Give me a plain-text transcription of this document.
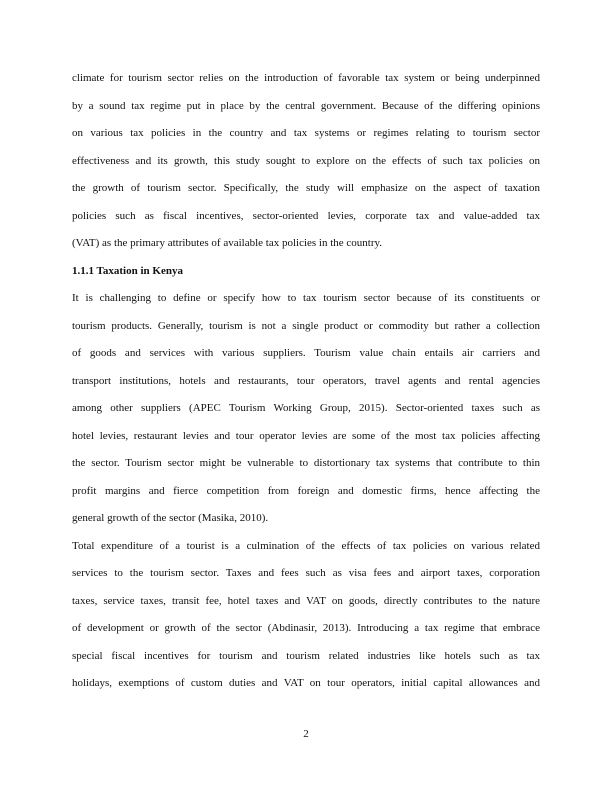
climate for tourism sector relies on the introduction of favorable tax system or being underpinned
by a sound tax regime put in place by the central government. Because of the differing opinions
on various tax policies in the country and tax systems or regimes relating to tourism sector
effectiveness and its growth, this study sought to explore on the effects of such tax policies on
the growth of tourism sector. Specifically, the study will emphasize on the aspect of taxation
policies such as fiscal incentives, sector-oriented levies, corporate tax and value-added tax
(VAT) as the primary attributes of available tax policies in the country.
1.1.1 Taxation in Kenya
It is challenging to define or specify how to tax tourism sector because of its constituents or
tourism products. Generally, tourism is not a single product or commodity but rather a collection
of goods and services with various suppliers. Tourism value chain entails air carriers and
transport institutions, hotels and restaurants, tour operators, travel agents and rental agencies
among other suppliers (APEC Tourism Working Group, 2015). Sector-oriented taxes such as
hotel levies, restaurant levies and tour operator levies are some of the most tax policies affecting
the sector. Tourism sector might be vulnerable to distortionary tax systems that contribute to thin
profit margins and fierce competition from foreign and domestic firms, hence affecting the
general growth of the sector (Masika, 2010).
Total expenditure of a tourist is a culmination of the effects of tax policies on various related
services to the tourism sector. Taxes and fees such as visa fees and airport taxes, corporation
taxes, service taxes, transit fee, hotel taxes and VAT on goods, directly contributes to the nature
of development or growth of the sector (Abdinasir, 2013). Introducing a tax regime that embrace
special fiscal incentives for tourism and tourism related industries like hotels such as tax
holidays, exemptions of custom duties and VAT on tour operators, initial capital allowances and
2
